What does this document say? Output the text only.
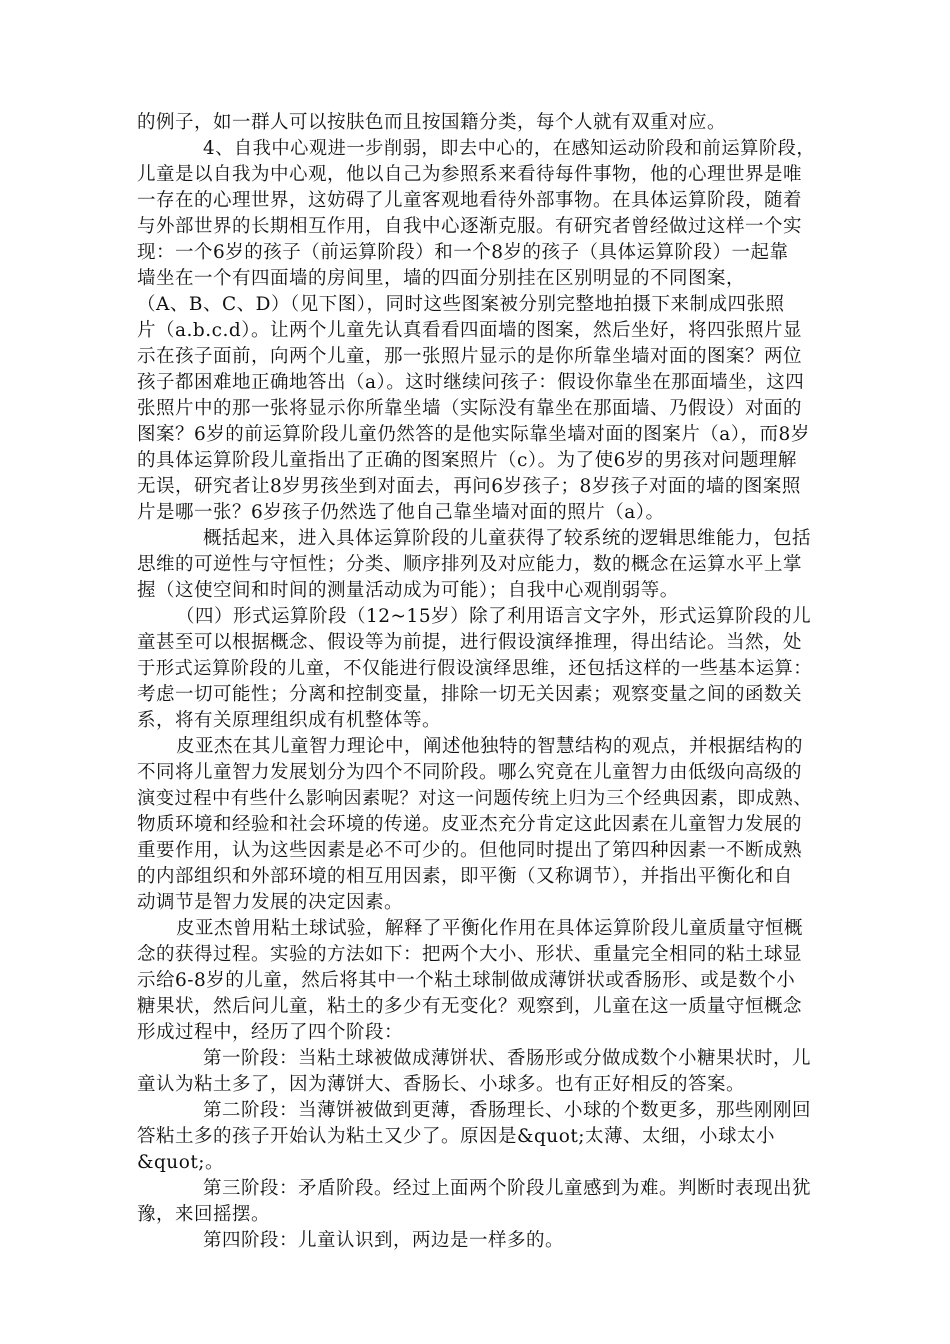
的例子，如一群人可以按肤色而且按国籍分类，每个人就有双重对应。
4、自我中心观进一步削弱，即去中心的，在感知运动阶段和前运算阶段，
儿童是以自我为中心观，他以自己为参照系来看待每件事物，他的心理世界是唯
一存在的心理世界，这妨碍了儿童客观地看待外部事物。在具体运算阶段，随着
与外部世界的长期相互作用，自我中心逐渐克服。有研究者曾经做过这样一个实
现：一个6岁的孩子（前运算阶段）和一个8岁的孩子（具体运算阶段）一起靠
墙坐在一个有四面墙的房间里，墙的四面分别挂在区别明显的不同图案，
（A、B、C、D）（见下图），同时这些图案被分别完整地拍摄下来制成四张照
片（a.b.c.d）。让两个儿童先认真看看四面墙的图案，然后坐好，将四张照片显
示在孩子面前，向两个儿童，那一张照片显示的是你所靠坐墙对面的图案？两位
孩子都困难地正确地答出（a）。这时继续问孩子：假设你靠坐在那面墙坐，这四
张照片中的那一张将显示你所靠坐墙（实际没有靠坐在那面墙、乃假设）对面的
图案？6岁的前运算阶段儿童仍然答的是他实际靠坐墙对面的图案片（a），而8岁
的具体运算阶段儿童指出了正确的图案照片（c）。为了使6岁的男孩对问题理解
无误，研究者让8岁男孩坐到对面去，再问6岁孩子；8岁孩子对面的墙的图案照
片是哪一张？6岁孩子仍然选了他自己靠坐墙对面的照片（a）。
概括起来，进入具体运算阶段的儿童获得了较系统的逻辑思维能力，包括
思维的可逆性与守恒性；分类、顺序排列及对应能力，数的概念在运算水平上掌
握（这使空间和时间的测量活动成为可能）；自我中心观削弱等。
（四）形式运算阶段（12~15岁）除了利用语言文字外，形式运算阶段的儿
童甚至可以根据概念、假设等为前提，进行假设演绎推理，得出结论。当然，处
于形式运算阶段的儿童，不仅能进行假设演绎思维，还包括这样的一些基本运算：
考虑一切可能性；分离和控制变量，排除一切无关因素；观察变量之间的函数关
系，将有关原理组织成有机整体等。
皮亚杰在其儿童智力理论中，阐述他独特的智慧结构的观点，并根据结构的
不同将儿童智力发展划分为四个不同阶段。哪么究竟在儿童智力由低级向高级的
演变过程中有些什么影响因素呢？对这一问题传统上归为三个经典因素，即成熟、
物质环境和经验和社会环境的传递。皮亚杰充分肯定这此因素在儿童智力发展的
重要作用，认为这些因素是必不可少的。但他同时提出了第四种因素一不断成熟
的内部组织和外部环境的相互用因素，即平衡（又称调节），并指出平衡化和自
动调节是智力发展的决定因素。
皮亚杰曾用粘土球试验，解释了平衡化作用在具体运算阶段儿童质量守恒概
念的获得过程。实验的方法如下：把两个大小、形状、重量完全相同的粘土球显
示给6-8岁的儿童，然后将其中一个粘土球制做成薄饼状或香肠形、或是数个小
糖果状，然后问儿童，粘土的多少有无变化？观察到，儿童在这一质量守恒概念
形成过程中，经历了四个阶段：
第一阶段：当粘土球被做成薄饼状、香肠形或分做成数个小糖果状时，儿
童认为粘土多了，因为薄饼大、香肠长、小球多。也有正好相反的答案。
第二阶段：当薄饼被做到更薄，香肠理长、小球的个数更多，那些刚刚回
答粘土多的孩子开始认为粘土又少了。原因是&quot;太薄、太细，小球太小
&quot;。
第三阶段：矛盾阶段。经过上面两个阶段儿童感到为难。判断时表现出犹
豫，来回摇摆。
第四阶段：儿童认识到，两边是一样多的。
